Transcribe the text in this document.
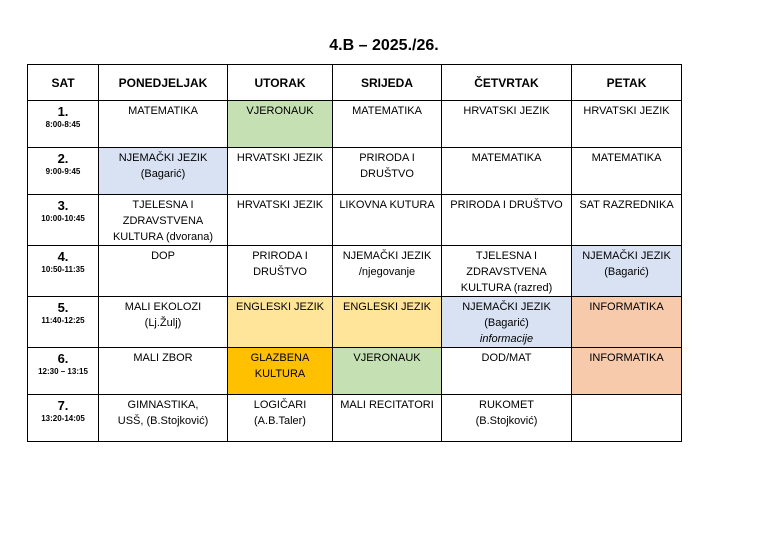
4.B – 2025./26.
SAT	PONEDJELJAK	UTORAK	SRIJEDA	ČETVRTAK	PETAK

1.
8:00-8:45	MATEMATIKA	VJERONAUK	MATEMATIKA	HRVATSKI JEZIK	HRVATSKI JEZIK

2.
9:00-9:45	NJEMAČKI JEZIK
(Bagarić)	HRVATSKI JEZIK	PRIRODA I
DRUŠTVO	MATEMATIKA	MATEMATIKA

3.
10:00-10:45	TJELESNA I
ZDRAVSTVENA
KULTURA (dvorana)	HRVATSKI JEZIK	LIKOVNA KUTURA	PRIRODA I DRUŠTVO	SAT RAZREDNIKA

4.
10:50-11:35	DOP	PRIRODA I
DRUŠTVO	NJEMAČKI JEZIK
/njegovanje	TJELESNA I
ZDRAVSTVENA
KULTURA (razred)	NJEMAČKI JEZIK
(Bagarić)

5.
11:40-12:25	MALI EKOLOZI
(Lj.Žulj)	ENGLESKI JEZIK	ENGLESKI JEZIK	NJEMAČKI JEZIK
(Bagarić)
informacije	INFORMATIKA

6.
12:30 – 13:15	MALI ZBOR	GLAZBENA
KULTURA	VJERONAUK	DOD/MAT	INFORMATIKA

7.
13:20-14:05	GIMNASTIKA,
USŠ, (B.Stojković)	LOGIČARI
(A.B.Taler)	MALI RECITATORI	RUKOMET
(B.Stojković)	
